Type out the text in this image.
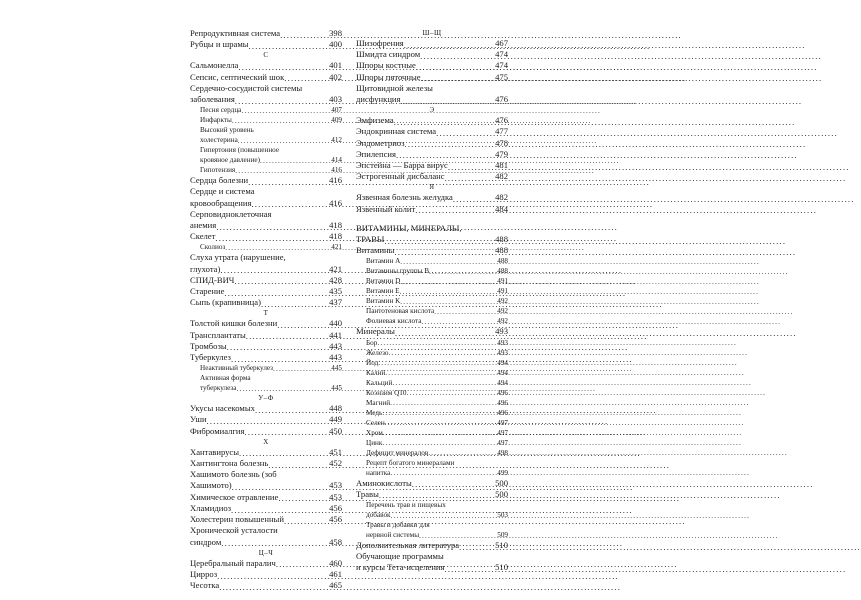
Репродуктивная система .....	398
Рубцы и шрамы .....	400
С
Сальмонелла .....	401
Сепсис, септический шок .....	402
Сердечно-сосудистой системы
заболевания .....	403
Песня сердца .....	407
Инфаркты .....	409
Высокий уровень
холестерина .....	412
Гипертония (повышенное
кровяное давление) .....	414
Гипотензия .....	416
Сердца болезни .....	416
Сердце и система
кровообращения .....	416
Серповидноклеточная
анемия .....	418
Скелет .....	418
Сколиоз .....	421
Слуха утрата (нарушение,
глухота) .....	421
СПИД-ВИЧ .....	428
Старение .....	435
Сыпь (крапивница) .....	437
Т
Толстой кишки болезни .....	440
Трансплантаты .....	441
Тромбозы .....	443
Туберкулез .....	443
Неактивный туберкулез .....	445
Активная форма
туберкулеза .....	445
У–Ф
Укусы насекомых .....	448
Уши .....	449
Фибромиалгия .....	450
Х
Хантавирусы .....	451
Хантингтона болезнь .....	452
Хашимото болезнь (зоб
Хашимото) .....	453
Химическое отравление .....	453
Хламидиоз .....	456
Холестерин повышенный .....	456
Хронической усталости
синдром .....	458
Ц–Ч
Церебральный паралич .....	460
Цирроз .....	461
Чесотка .....	465
Ш–Щ
Шизофрения .....	467
Шмидта синдром .....	474
Шпоры костные .....	474
Шпоры пяточные .....	475
Щитовидной железы
дисфункция .....	476
Э
Эмфизема .....	476
Эндокринная система .....	477
Эндометриоз .....	478
Эпилепсия .....	479
Эпстейна — Барра вирус .....	481
Эстрогенный дисбаланс .....	482
Я
Язвенная болезнь желудка .....	482
Язвенный колит .....	484
ВИТАМИНЫ, МИНЕРАЛЫ,
ТРАВЫ .....	488
Витамины .....	488
Витамин А .....	488
Витамины группы В .....	488
Витамин D .....	491
Витамин E .....	491
Витамин K .....	492
Пантотеновая кислота .....	492
Фолиевая кислота .....	492
Минералы .....	493
Бор .....	493
Железо .....	493
Йод .....	494
Калий .....	494
Кальций .....	494
Коэнзим Q10 .....	496
Магний .....	496
Медь .....	496
Селен .....	497
Хром .....	497
Цинк .....	497
Дефицит минералов .....	498
Рецепт богатого минералами
напитка .....	499
Аминокислоты .....	500
Травы .....	500
Перечень трав и пищевых
добавок .....	503
Травы и добавки для
нервной системы .....	509
Дополнительная литература .....	510
Обучающие программы
и курсы Тета-исцеления .....	510
